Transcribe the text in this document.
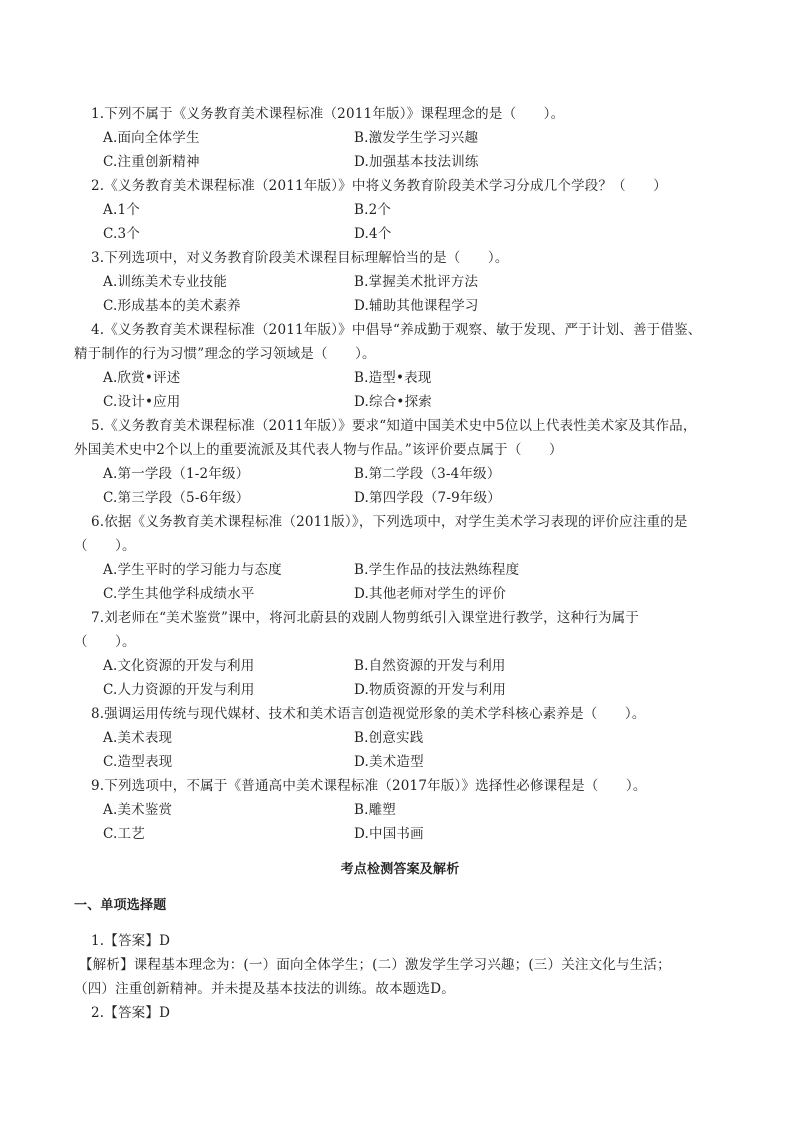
1.下列不属于《义务教育美术课程标准（2011年版）》课程理念的是（　　）。
A.面向全体学生	B.激发学生学习兴趣
C.注重创新精神	D.加强基本技法训练
2.《义务教育美术课程标准（2011年版）》中将义务教育阶段美术学习分成几个学段？（　　）
A.1个	B.2个
C.3个	D.4个
3.下列选项中，对义务教育阶段美术课程目标理解恰当的是（　　）。
A.训练美术专业技能	B.掌握美术批评方法
C.形成基本的美术素养	D.辅助其他课程学习
4.《义务教育美术课程标准（2011年版）》中倡导“养成勤于观察、敏于发现、严于计划、善于借鉴、
精于制作的行为习惯”理念的学习领域是（　　）。
A.欣赏•评述	B.造型•表现
C.设计•应用	D.综合•探索
5.《义务教育美术课程标准（2011年版）》要求“知道中国美术史中5位以上代表性美术家及其作品，
外国美术史中2个以上的重要流派及其代表人物与作品。”该评价要点属于（　　）
A.第一学段（1-2年级）	B.第二学段（3-4年级）
C.第三学段（5-6年级）	D.第四学段（7-9年级）
6.依据《义务教育美术课程标准（2011版）》，下列选项中，对学生美术学习表现的评价应注重的是
（　　）。
A.学生平时的学习能力与态度	B.学生作品的技法熟练程度
C.学生其他学科成绩水平	D.其他老师对学生的评价
7.刘老师在“美术鉴赏”课中，将河北蔚县的戏剧人物剪纸引入课堂进行教学，这种行为属于
（　　）。
A.文化资源的开发与利用	B.自然资源的开发与利用
C.人力资源的开发与利用	D.物质资源的开发与利用
8.强调运用传统与现代媒材、技术和美术语言创造视觉形象的美术学科核心素养是（　　）。
A.美术表现	B.创意实践
C.造型表现	D.美术造型
9.下列选项中，不属于《普通高中美术课程标准（2017年版）》选择性必修课程是（　　）。
A.美术鉴赏	B.雕塑
C.工艺	D.中国书画
考点检测答案及解析
一、单项选择题
1.【答案】D
【解析】课程基本理念为：(一）面向全体学生；(二）激发学生学习兴趣；(三）关注文化与生活；
（四）注重创新精神。并未提及基本技法的训练。故本题选D。
2.【答案】D
